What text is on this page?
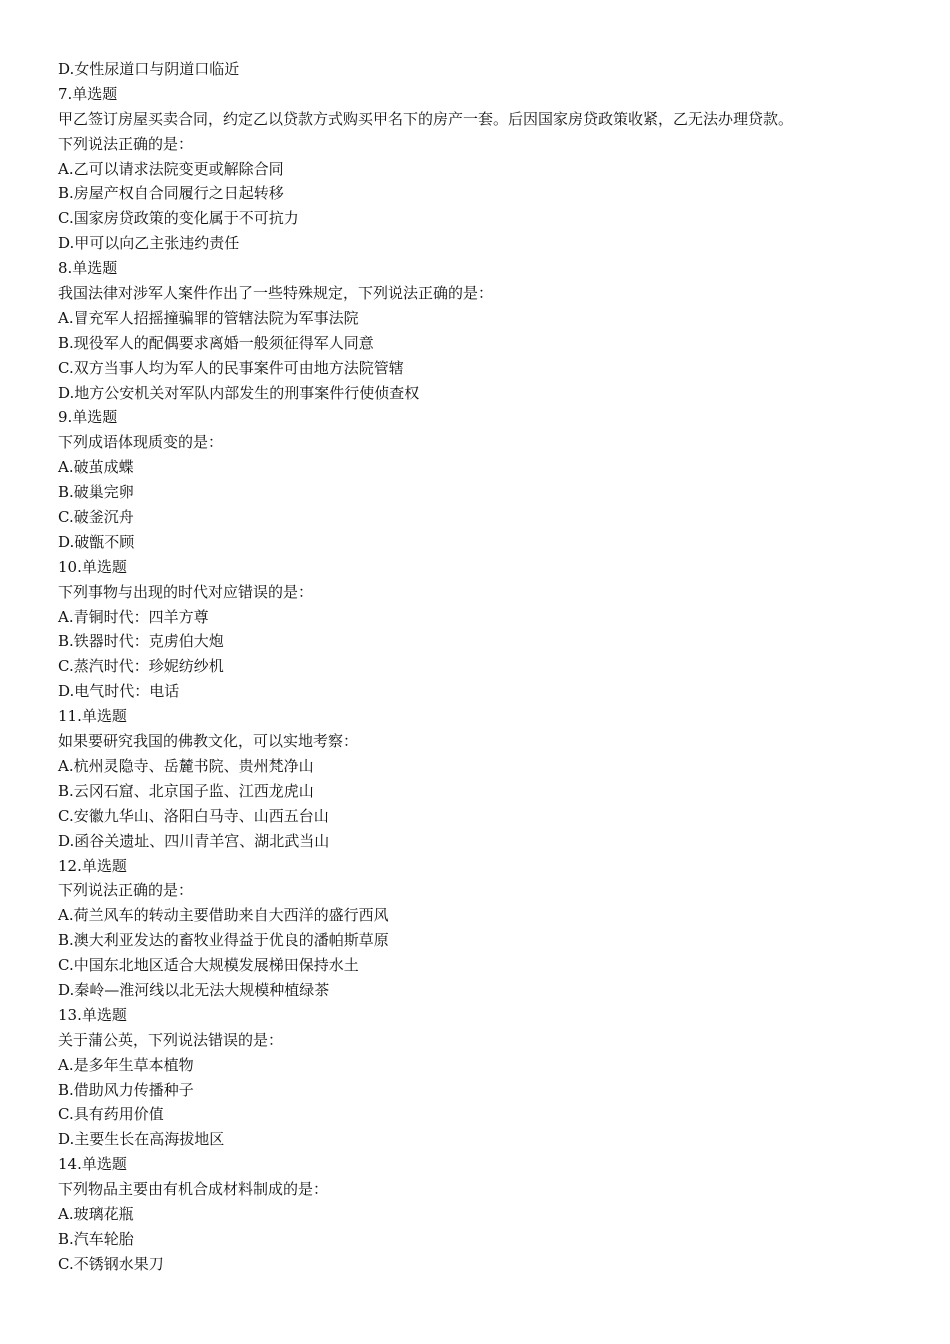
D.女性尿道口与阴道口临近
7.单选题
甲乙签订房屋买卖合同，约定乙以贷款方式购买甲名下的房产一套。后因国家房贷政策收紧，乙无法办理贷款。
下列说法正确的是：
A.乙可以请求法院变更或解除合同
B.房屋产权自合同履行之日起转移
C.国家房贷政策的变化属于不可抗力
D.甲可以向乙主张违约责任
8.单选题
我国法律对涉军人案件作出了一些特殊规定，下列说法正确的是：
A.冒充军人招摇撞骗罪的管辖法院为军事法院
B.现役军人的配偶要求离婚一般须征得军人同意
C.双方当事人均为军人的民事案件可由地方法院管辖
D.地方公安机关对军队内部发生的刑事案件行使侦查权
9.单选题
下列成语体现质变的是：
A.破茧成蝶
B.破巢完卵
C.破釜沉舟
D.破甑不顾
10.单选题
下列事物与出现的时代对应错误的是：
A.青铜时代：四羊方尊
B.铁器时代：克虏伯大炮
C.蒸汽时代：珍妮纺纱机
D.电气时代：电话
11.单选题
如果要研究我国的佛教文化，可以实地考察：
A.杭州灵隐寺、岳麓书院、贵州梵净山
B.云冈石窟、北京国子监、江西龙虎山
C.安徽九华山、洛阳白马寺、山西五台山
D.函谷关遗址、四川青羊宫、湖北武当山
12.单选题
下列说法正确的是：
A.荷兰风车的转动主要借助来自大西洋的盛行西风
B.澳大利亚发达的畜牧业得益于优良的潘帕斯草原
C.中国东北地区适合大规模发展梯田保持水土
D.秦岭—淮河线以北无法大规模种植绿茶
13.单选题
关于蒲公英，下列说法错误的是：
A.是多年生草本植物
B.借助风力传播种子
C.具有药用价值
D.主要生长在高海拔地区
14.单选题
下列物品主要由有机合成材料制成的是：
A.玻璃花瓶
B.汽车轮胎
C.不锈钢水果刀
